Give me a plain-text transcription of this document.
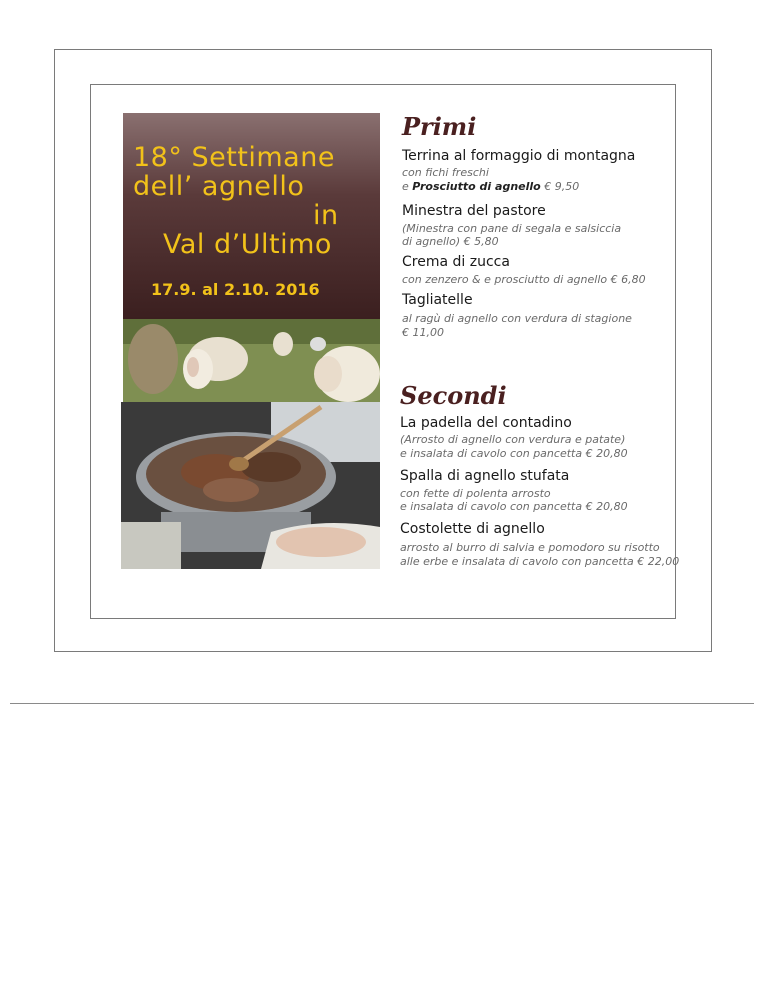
18° Settimane
dell’ agnello
in
Val d’Ultimo
17.9. al 2.10. 2016
Primi
Terrina al formaggio di montagna
con fichi freschi
e Prosciutto di agnello € 9,50
Minestra del pastore
(Minestra con pane di segala e salsiccia
di agnello) € 5,80
Crema di zucca
con zenzero & e prosciutto di agnello € 6,80
Tagliatelle
al ragù di agnello con verdura di stagione
€ 11,00
Secondi
La padella del contadino
(Arrosto di agnello con verdura e patate)
e insalata di cavolo con pancetta € 20,80
Spalla di agnello stufata
con fette di polenta arrosto
e insalata di cavolo con pancetta € 20,80
Costolette di agnello
arrosto al burro di salvia e pomodoro su risotto
alle erbe e insalata di cavolo con pancetta € 22,00
